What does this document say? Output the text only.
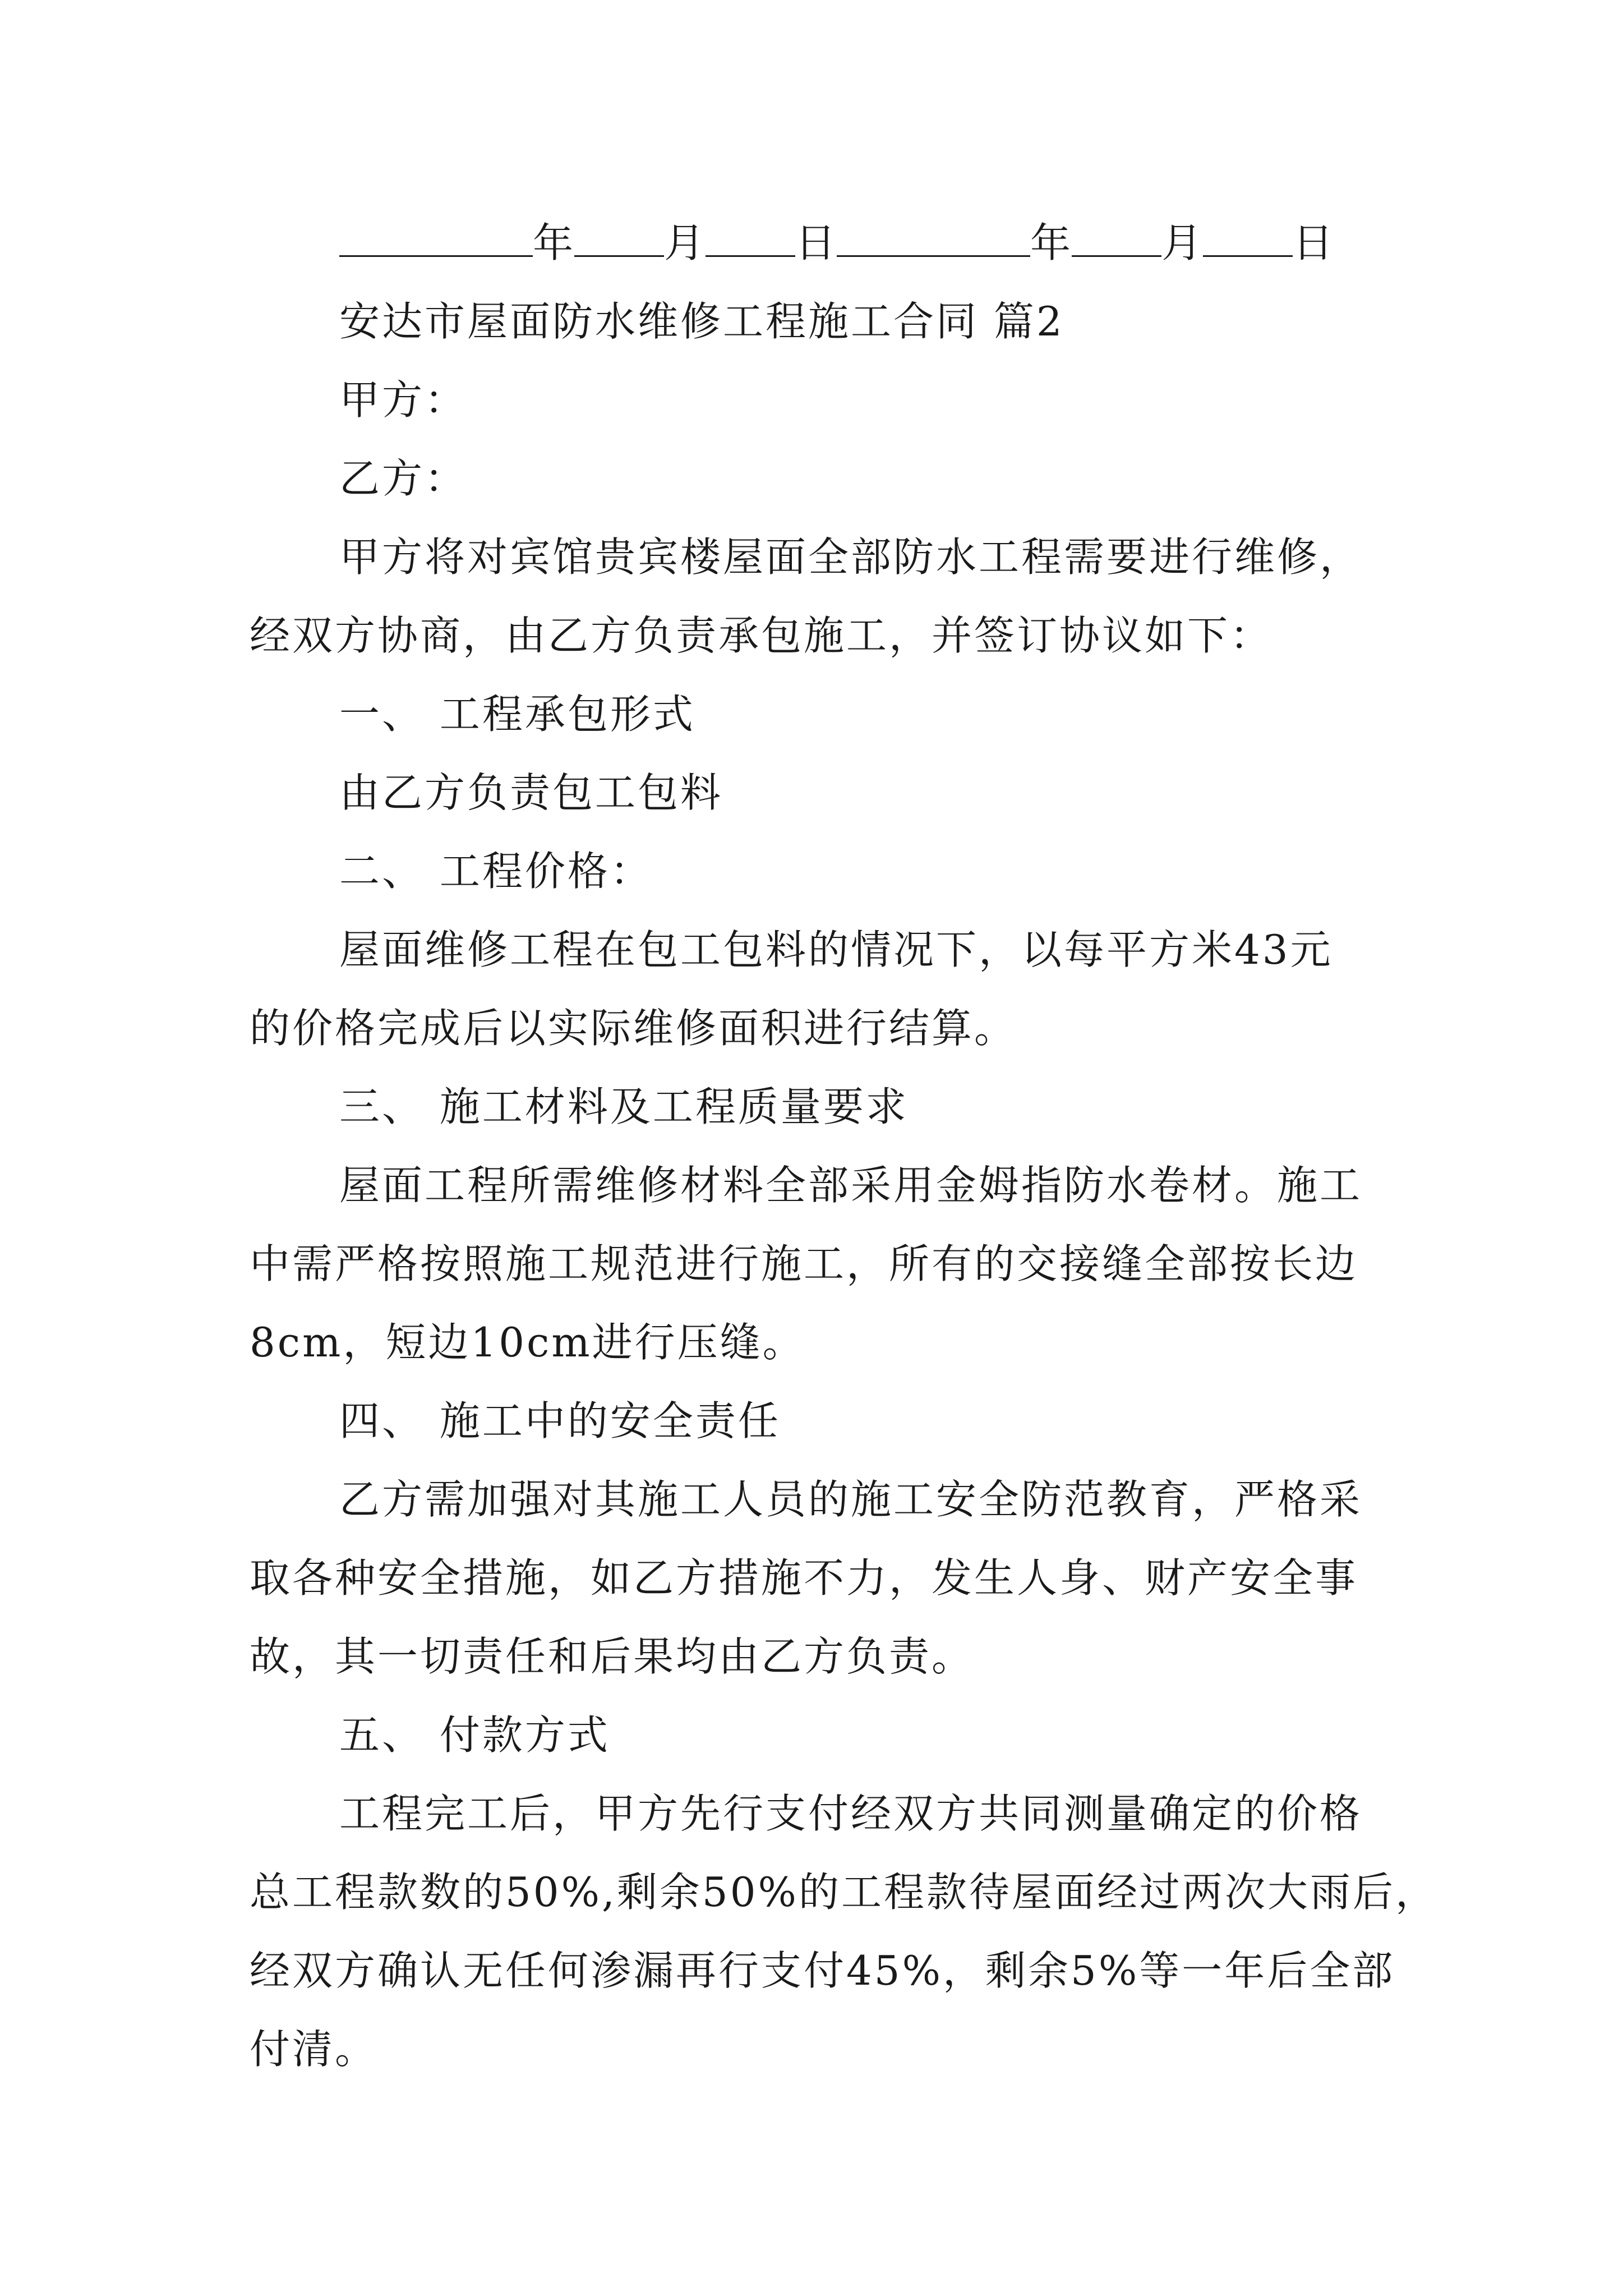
年 月 日	年 月 日
安达市屋面防水维修工程施工合同 篇2
甲方：
乙方：
甲方将对宾馆贵宾楼屋面全部防水工程需要进行维修，
经双方协商，由乙方负责承包施工，并签订协议如下：
一、 工程承包形式
由乙方负责包工包料
二、 工程价格：
屋面维修工程在包工包料的情况下，以每平方米43元
的价格完成后以实际维修面积进行结算。
三、 施工材料及工程质量要求
屋面工程所需维修材料全部采用金姆指防水卷材。施工
中需严格按照施工规范进行施工，所有的交接缝全部按长边
8cm，短边10cm进行压缝。
四、 施工中的安全责任
乙方需加强对其施工人员的施工安全防范教育，严格采
取各种安全措施，如乙方措施不力，发生人身、财产安全事
故，其一切责任和后果均由乙方负责。
五、 付款方式
工程完工后，甲方先行支付经双方共同测量确定的价格
总工程款数的50%,剩余50%的工程款待屋面经过两次大雨后，
经双方确认无任何渗漏再行支付45%，剩余5%等一年后全部
付清。
